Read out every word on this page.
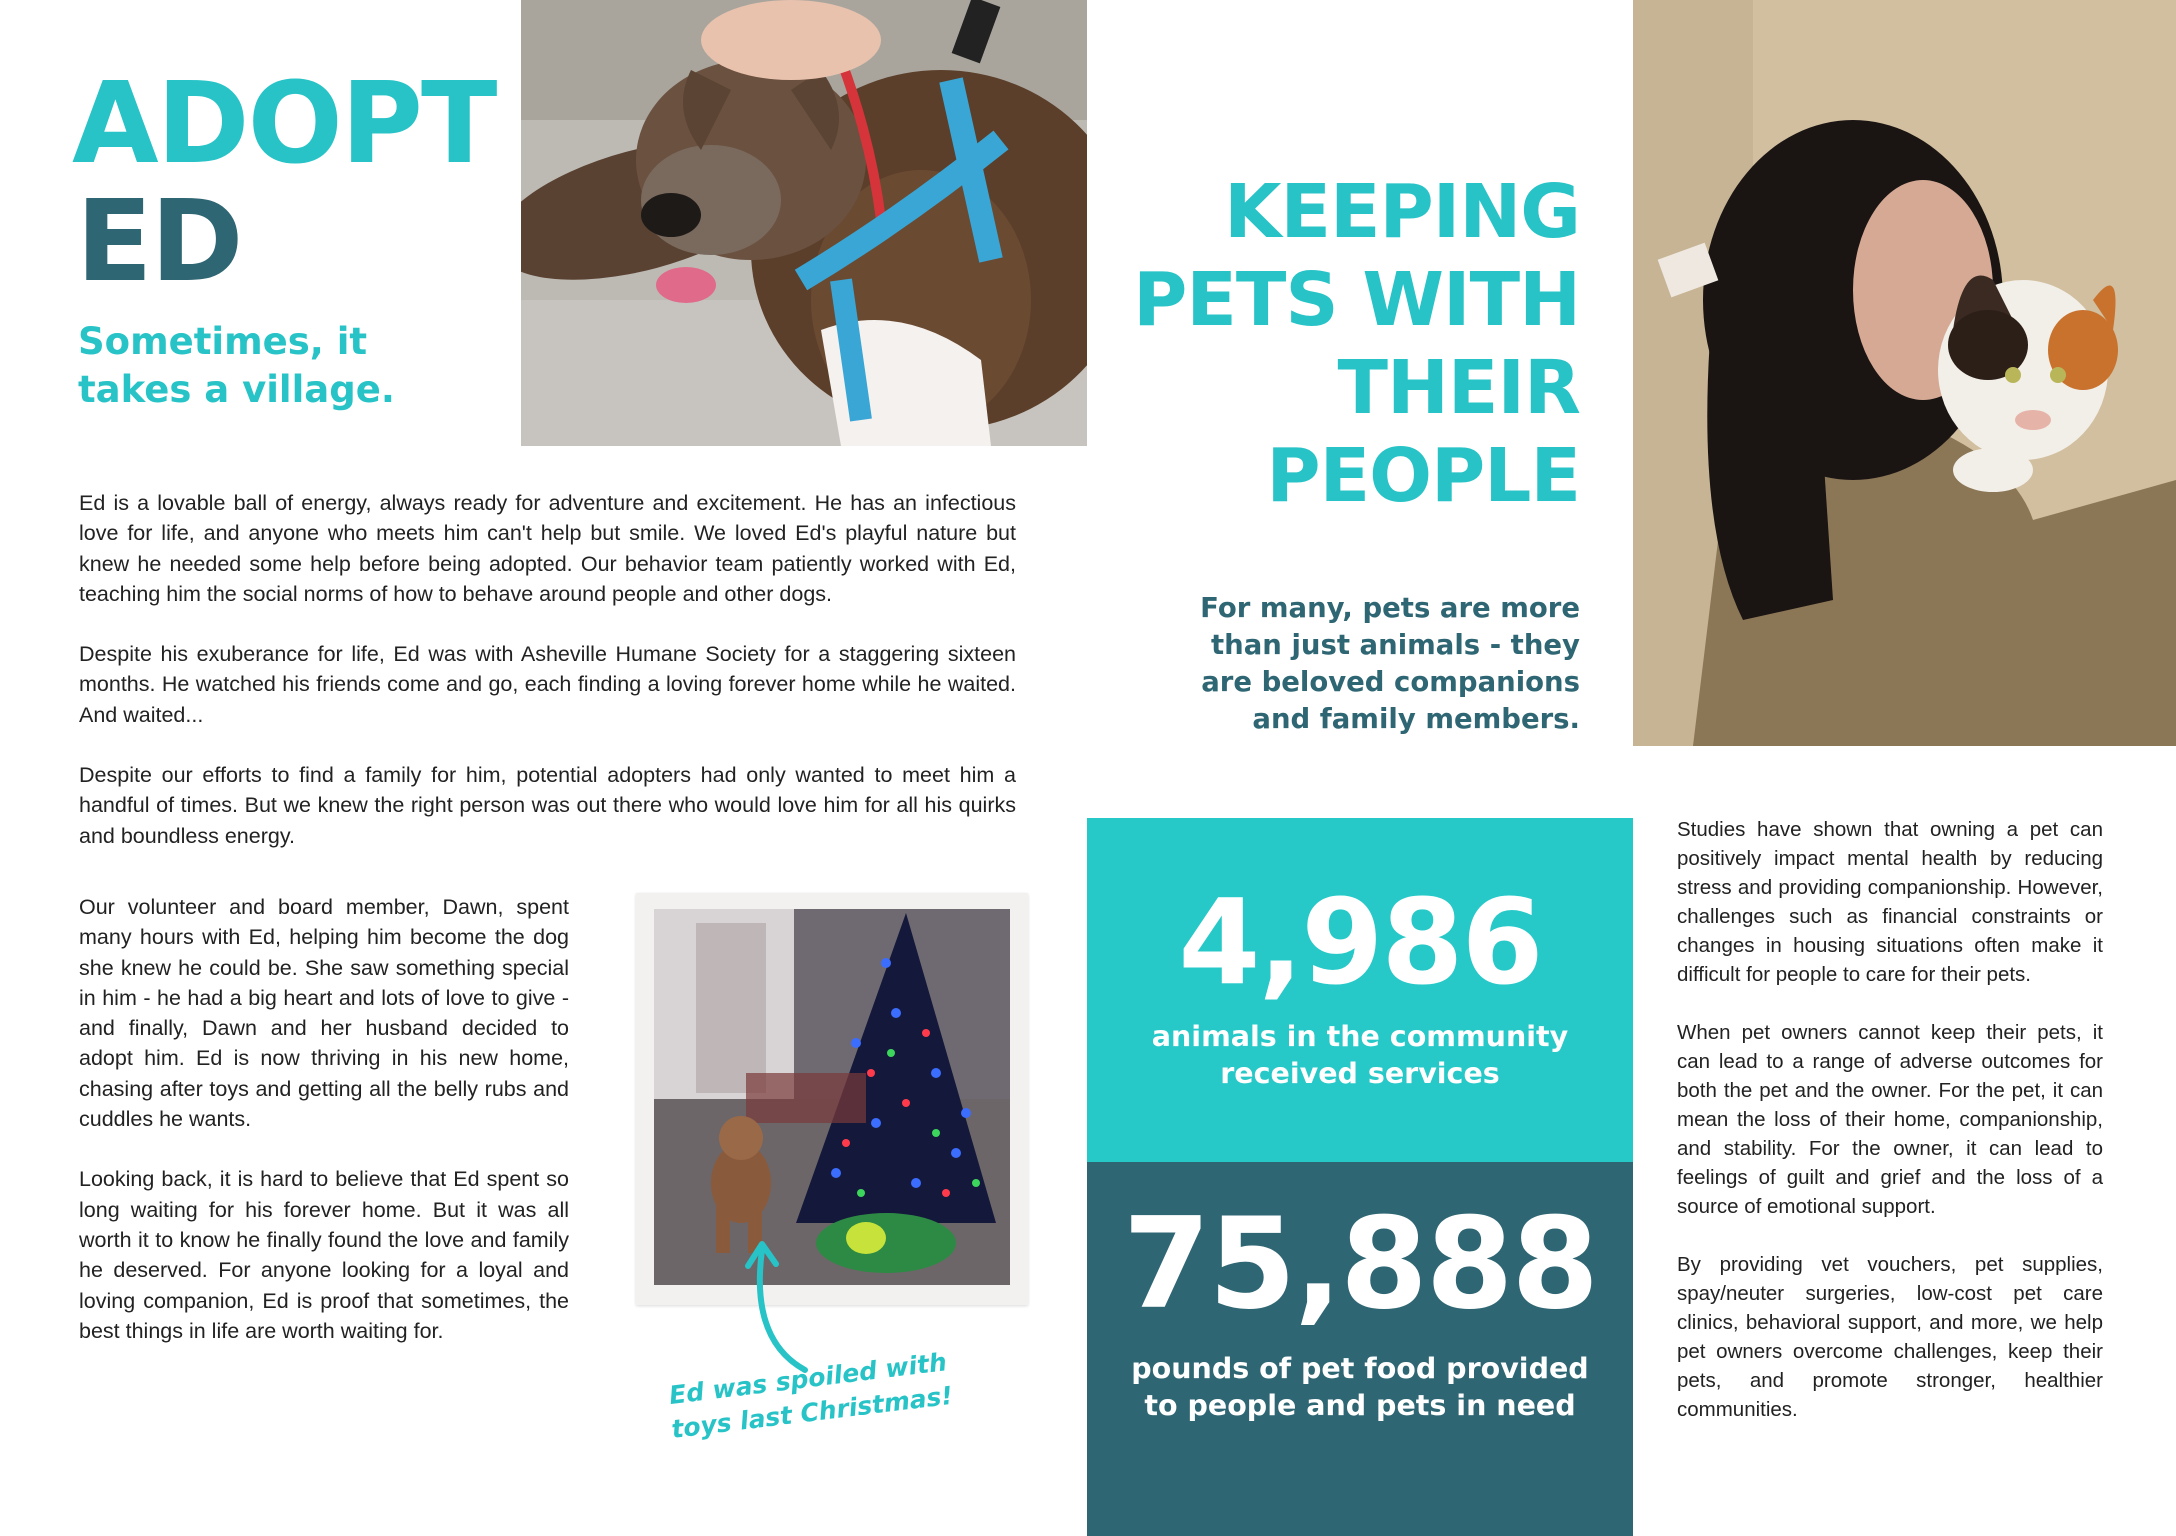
ADOPT
ED

Sometimes, it takes a village.

Ed is a lovable ball of energy, always ready for adventure and excitement. He has an infectious love for life, and anyone who meets him can't help but smile. We loved Ed's playful nature but knew he needed some help before being adopted. Our behavior team patiently worked with Ed, teaching him the social norms of how to behave around people and other dogs.

Despite his exuberance for life, Ed was with Asheville Humane Society for a staggering sixteen months. He watched his friends come and go, each finding a loving forever home while he waited. And waited...

Despite our efforts to find a family for him, potential adopters had only wanted to meet him a handful of times. But we knew the right person was out there who would love him for all his quirks and boundless energy.

Our volunteer and board member, Dawn, spent many hours with Ed, helping him become the dog she knew he could be. She saw something special in him - he had a big heart and lots of love to give - and finally, Dawn and her husband decided to adopt him. Ed is now thriving in his new home, chasing after toys and getting all the belly rubs and cuddles he wants.

Looking back, it is hard to believe that Ed spent so long waiting for his forever home. But it was all worth it to know he finally found the love and family he deserved. For anyone looking for a loyal and loving companion, Ed is proof that sometimes, the best things in life are worth waiting for.

Ed was spoiled with toys last Christmas!

KEEPING
PETS WITH
THEIR
PEOPLE

For many, pets are more
than just animals - they
are beloved companions
and family members.

4,986

animals in the community received services

75,888

pounds of pet food provided to people and pets in need

Studies have shown that owning a pet can positively impact mental health by reducing stress and providing companionship. However, challenges such as financial constraints or changes in housing situations often make it difficult for people to care for their pets.

When pet owners cannot keep their pets, it can lead to a range of adverse outcomes for both the pet and the owner. For the pet, it can mean the loss of their home, companionship, and stability. For the owner, it can lead to feelings of guilt and grief and the loss of a source of emotional support.

By providing vet vouchers, pet supplies, spay/neuter surgeries, low-cost pet care clinics, behavioral support, and more, we help pet owners overcome challenges, keep their pets, and promote stronger, healthier communities.
